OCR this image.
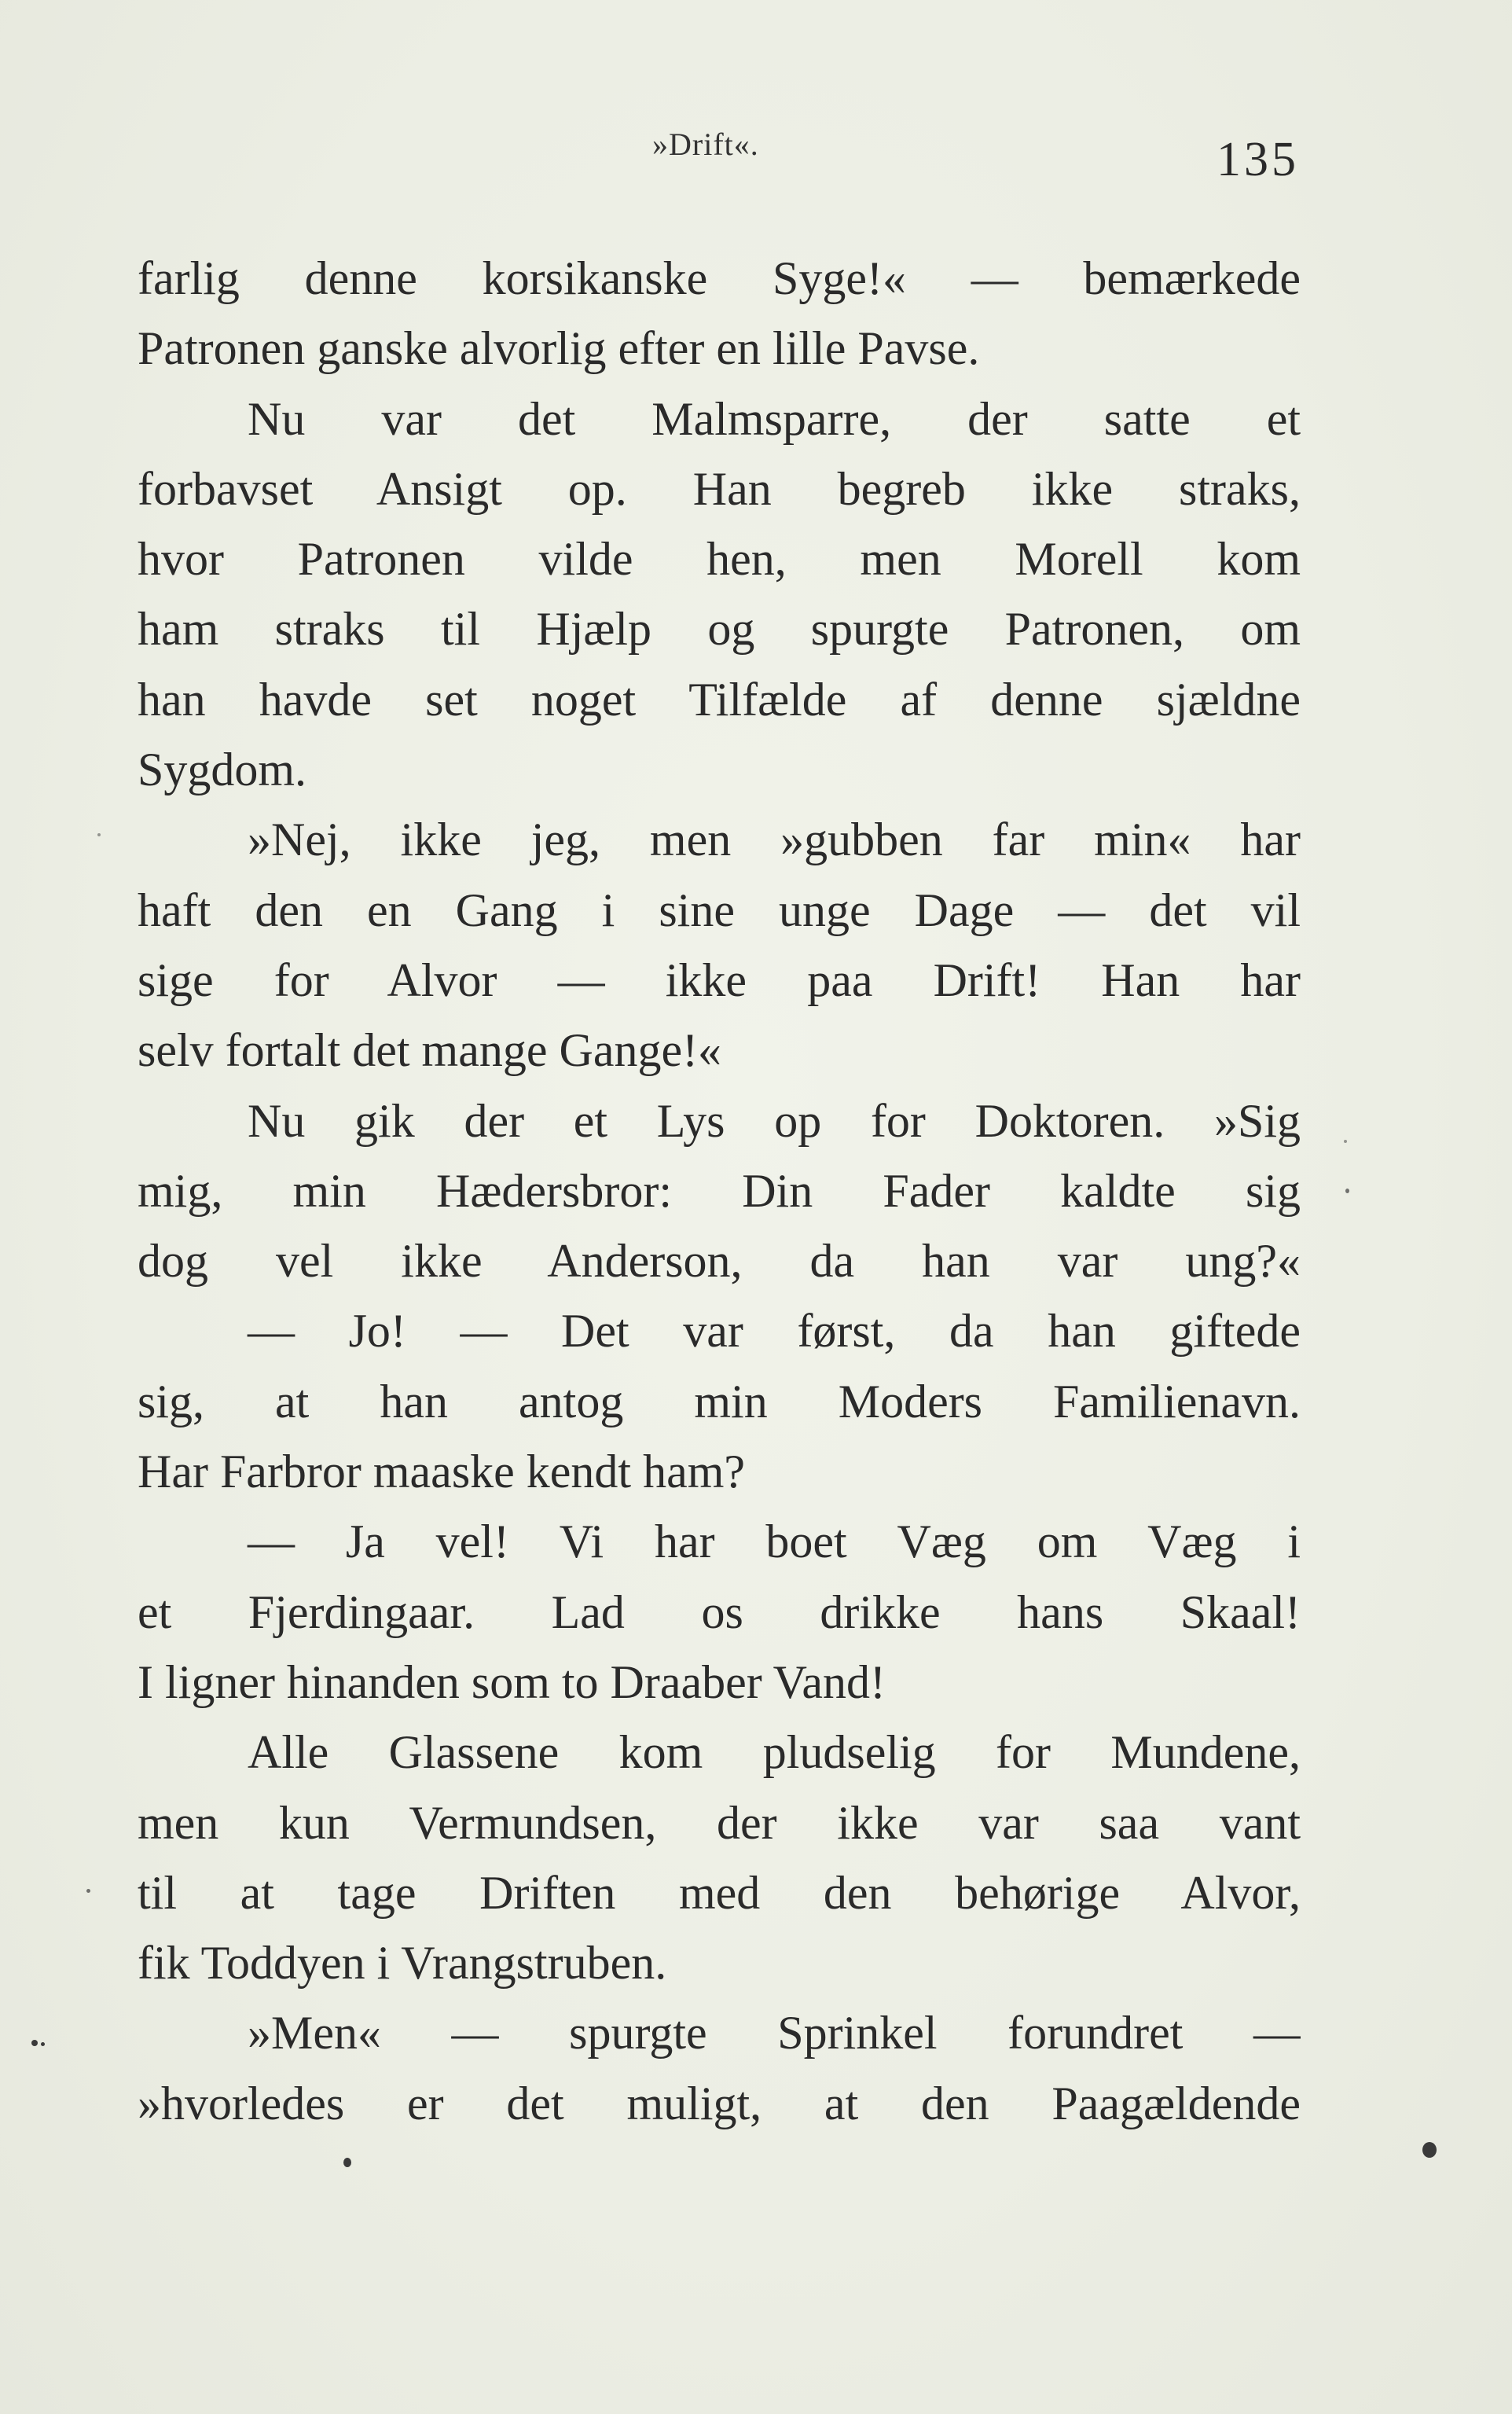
»Drift«.	135
farlig denne korsikanske Syge!« — bemærkede
Patronen ganske alvorlig efter en lille Pavse.
Nu var det Malmsparre, der satte et
forbavset Ansigt op. Han begreb ikke straks,
hvor Patronen vilde hen, men Morell kom
ham straks til Hjælp og spurgte Patronen, om
han havde set noget Tilfælde af denne sjældne
Sygdom.
»Nej, ikke jeg, men »gubben far min« har
haft den en Gang i sine unge Dage — det vil
sige for Alvor — ikke paa Drift! Han har
selv fortalt det mange Gange!«
Nu gik der et Lys op for Doktoren. »Sig
mig, min Hædersbror: Din Fader kaldte sig
dog vel ikke Anderson, da han var ung?«
— Jo! — Det var først, da han giftede
sig, at han antog min Moders Familienavn.
Har Farbror maaske kendt ham?
— Ja vel! Vi har boet Væg om Væg i
et Fjerdingaar. Lad os drikke hans Skaal!
I ligner hinanden som to Draaber Vand!
Alle Glassene kom pludselig for Mundene,
men kun Vermundsen, der ikke var saa vant
til at tage Driften med den behørige Alvor,
fik Toddyen i Vrangstruben.
»Men« — spurgte Sprinkel forundret —
»hvorledes er det muligt, at den Paagældende
